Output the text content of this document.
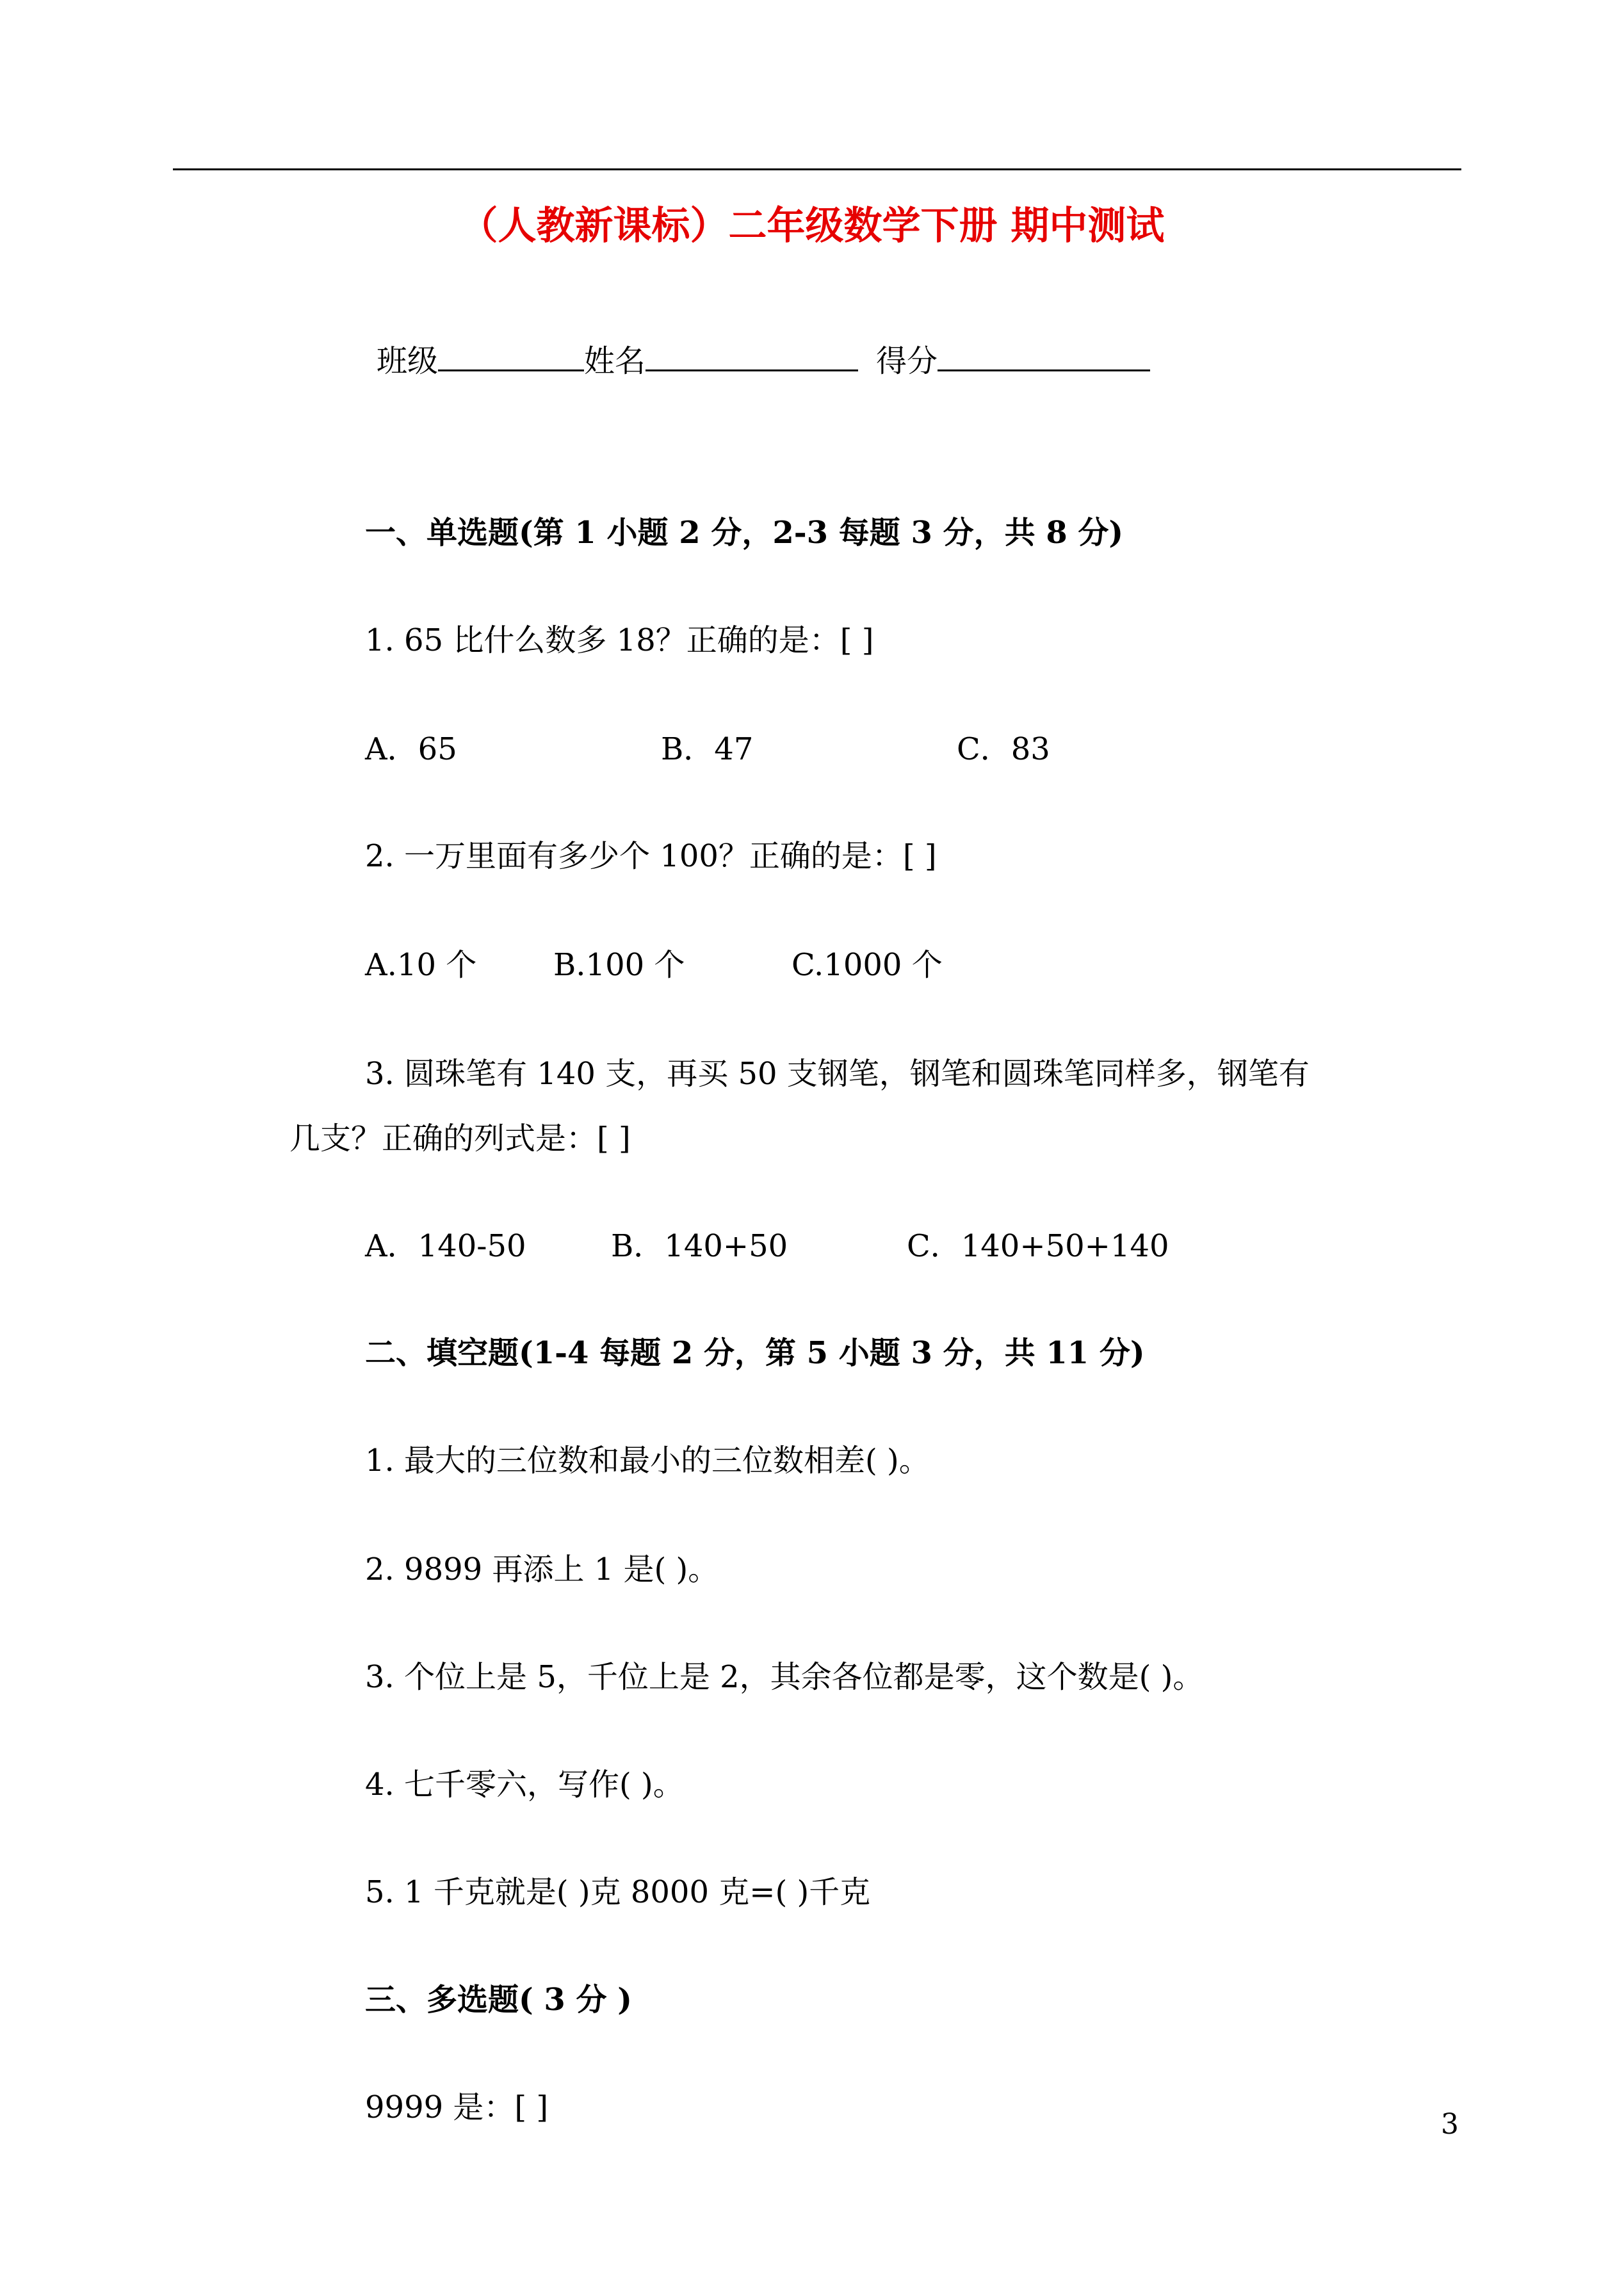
（人教新课标）二年级数学下册 期中测试
班级	姓名	得分
一、单选题(第 1 小题 2 分，2-3 每题 3 分，共 8 分)
1. 65 比什么数多 18？正确的是：[ ]
A．65	B．47	C．83
2. 一万里面有多少个 100？正确的是：[ ]
A.10 个 B.100 个	C.1000 个
3. 圆珠笔有 140 支，再买 50 支钢笔，钢笔和圆珠笔同样多，钢笔有
几支？正确的列式是：[ ]
A．140-50	B．140+50	C．140+50+140
二、填空题(1-4 每题 2 分，第 5 小题 3 分，共 11 分)
1. 最大的三位数和最小的三位数相差( )。
2. 9899 再添上 1 是( )。
3. 个位上是 5，千位上是 2，其余各位都是零，这个数是( )。
4. 七千零六，写作( )。
5. 1 千克就是( )克 8000 克=( )千克
三、多选题( 3 分 )
9999 是：[ ]	3
